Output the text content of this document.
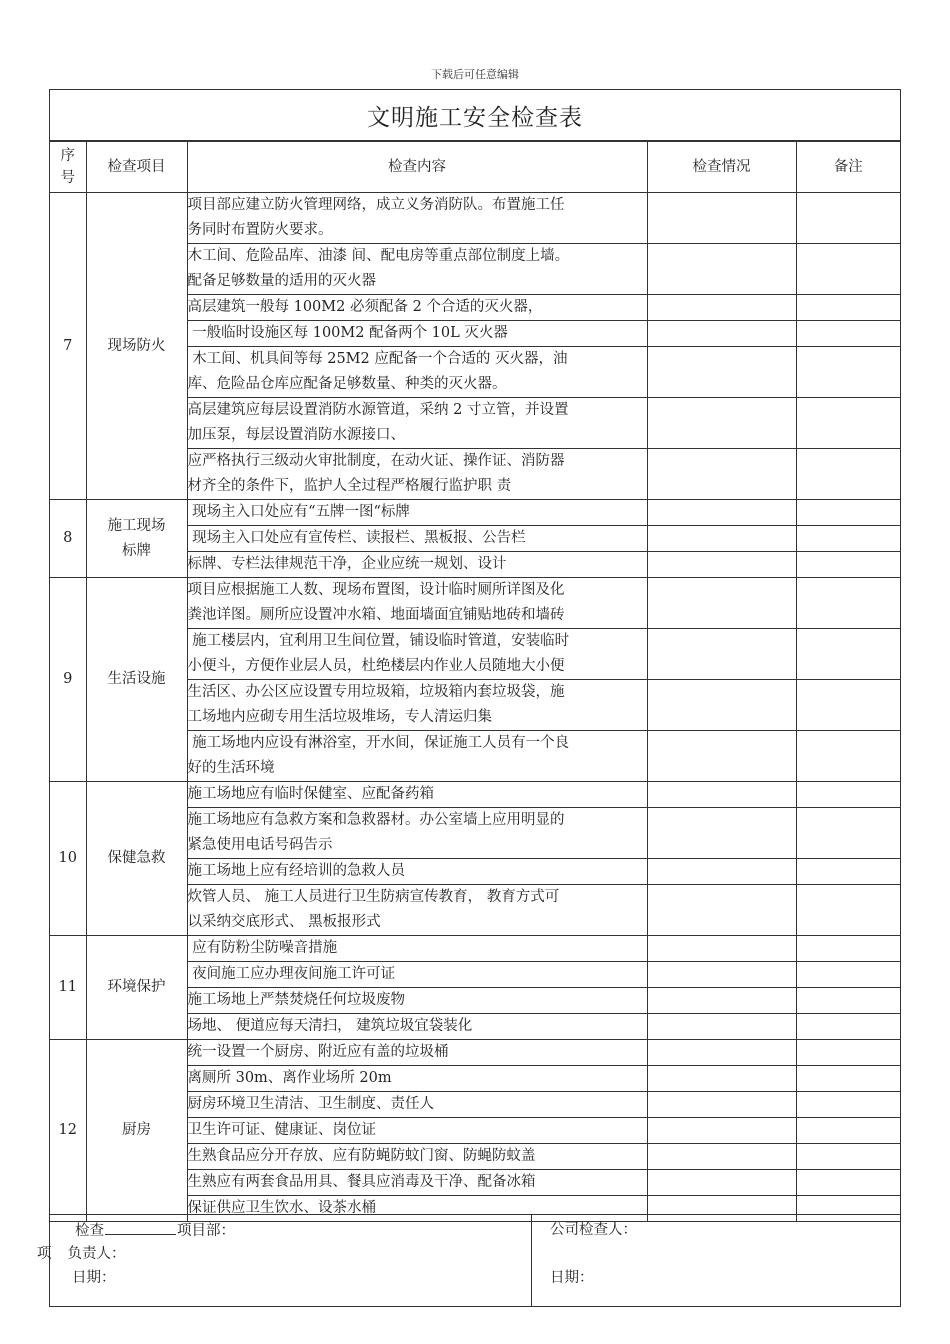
下载后可任意编辑
文明施工安全检查表
序号	检查项目	检查内容	检查情况	备注
7	现场防火	项目部应建立防火管理网络，成立义务消防队。布置施工任
务同时布置防火要求。		

		木工间、危险品库、油漆 间、配电房等重点部位制度上墙。
配备足够数量的适用的灭火器		

		高层建筑一般每 100M2 必须配备 2 个合适的灭火器，		

		一般临时设施区每 100M2 配备两个 10L 灭火器		

		木工间、机具间等每 25M2 应配备一个合适的 灭火器，油
库、危险品仓库应配备足够数量、种类的灭火器。		

		高层建筑应每层设置消防水源管道，采纳 2 寸立管，并设置
加压泵，每层设置消防水源接口、		

		应严格执行三级动火审批制度，在动火证、操作证、消防器
材齐全的条件下，监护人全过程严格履行监护职 责		

8	施工现场标牌	现场主入口处应有“五牌一图“标牌		

		现场主入口处应有宣传栏、读报栏、黑板报、公告栏		

		标牌、专栏法律规范干净，企业应统一规划、设计		

9	生活设施	项目应根据施工人数、现场布置图，设计临时厕所详图及化
粪池详图。厕所应设置冲水箱、地面墙面宜铺贴地砖和墙砖		

		施工楼层内，宜利用卫生间位置，铺设临时管道，安装临时
小便斗，方便作业层人员，杜绝楼层内作业人员随地大小便		

		生活区、办公区应设置专用垃圾箱，垃圾箱内套垃圾袋，施
工场地内应砌专用生活垃圾堆场，专人清运归集		

		施工场地内应设有淋浴室，开水间，保证施工人员有一个良
好的生活环境		

10	保健急救	施工场地应有临时保健室、应配备药箱		

		施工场地应有急救方案和急救器材。办公室墙上应用明显的
紧急使用电话号码告示		

		施工场地上应有经培训的急救人员		

		炊管人员、 施工人员进行卫生防病宣传教育， 教育方式可
以采纳交底形式、 黑板报形式		

11	环境保护	应有防粉尘防噪音措施		

		夜间施工应办理夜间施工许可证		

		施工场地上严禁焚烧任何垃圾废物		

		场地、 便道应每天清扫， 建筑垃圾宜袋装化		

12	厨房	统一设置一个厨房、附近应有盖的垃圾桶		

		离厕所 30m、离作业场所 20m		

		厨房环境卫生清洁、卫生制度、责任人		

		卫生许可证、健康证、岗位证		

		生熟食品应分开存放、应有防蝇防蚊门窗、防蝇防蚊盖		

		生熟应有两套食品用具、餐具应消毒及干净、配备冰箱		

		保证供应卫生饮水、设茶水桶		

检查	项目部：
项 负责人：
日期：
公司检查人：
日期：
